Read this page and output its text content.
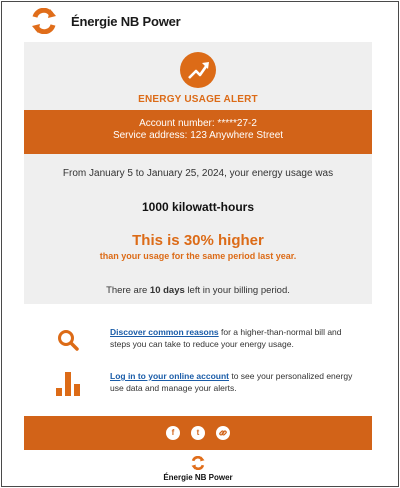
Énergie NB Power
ENERGY USAGE ALERT
Account number: *****27-2
Service address: 123 Anywhere Street
From January 5 to January 25, 2024, your energy usage was
1000 kilowatt-hours
This is 30% higher
than your usage for the same period last year.
There are 10 days left in your billing period.
Discover common reasons for a higher-than-normal bill and steps you can take to reduce your energy usage.
Log in to your online account to see your personalized energy use data and manage your alerts.
f	t
Énergie NB Power
